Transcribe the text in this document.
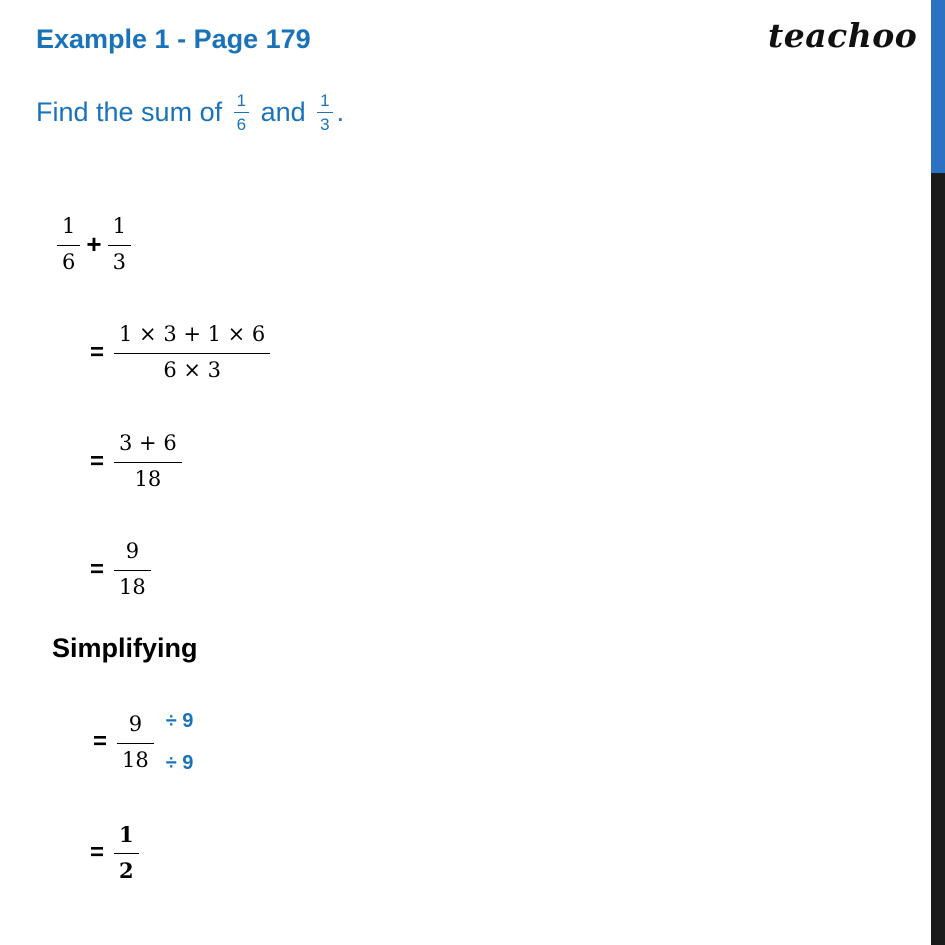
Example 1 - Page 179	teachoo
Find the sum of $\frac{1}{6}$ and $\frac{1}{3}$ .
$\frac{1}{6} + \frac{1}{3}$
= $\frac{1 \times 3 + 1 \times 6}{6 \times 3}$
= $\frac{3 + 6}{18}$
= $\frac{9}{18}$
Simplifying
= $\frac{9}{18} \div 9$
÷ 9
= $\frac{1}{2}$
